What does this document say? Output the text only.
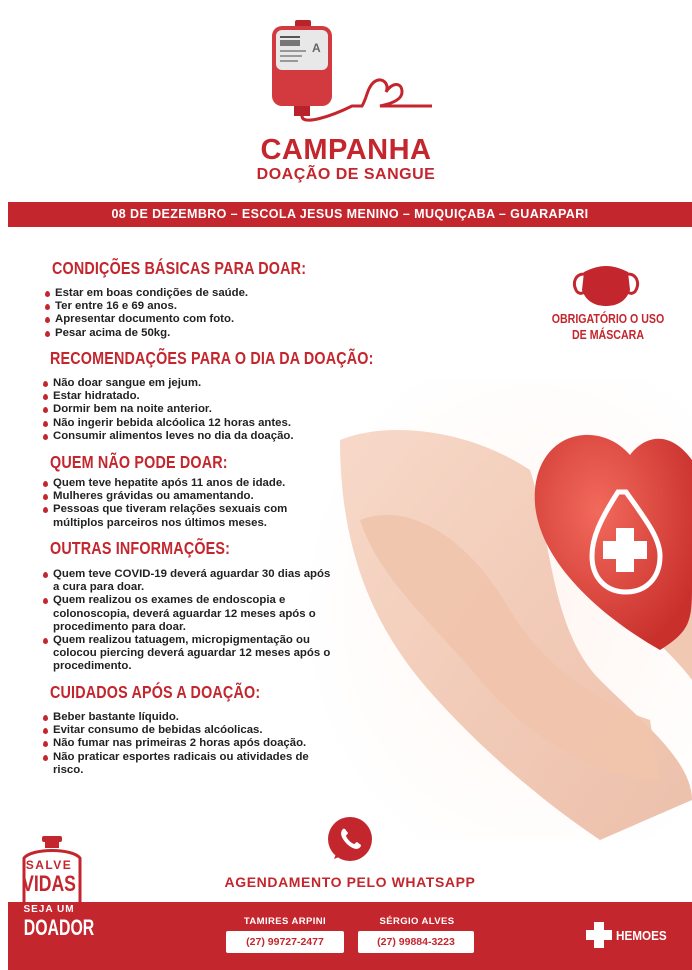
A
CAMPANHA
DOAÇÃO DE SANGUE
08 DE DEZEMBRO – ESCOLA JESUS MENINO – MUQUIÇABA – GUARAPARI
CONDIÇÕES BÁSICAS PARA DOAR:
Estar em boas condições de saúde.
Ter entre 16 e 69 anos.
Apresentar documento com foto.
Pesar acima de 50kg.
RECOMENDAÇÕES PARA O DIA DA DOAÇÃO:
Não doar sangue em jejum.
Estar hidratado.
Dormir bem na noite anterior.
Não ingerir bebida alcóolica 12 horas antes.
Consumir alimentos leves no dia da doação.
QUEM NÃO PODE DOAR:
Quem teve hepatite após 11 anos de idade.
Mulheres grávidas ou amamentando.
Pessoas que tiveram relações sexuais com múltiplos parceiros nos últimos meses.
OUTRAS INFORMAÇÕES:
Quem teve COVID-19 deverá aguardar 30 dias após a cura para doar.
Quem realizou os exames de endoscopia e colonoscopia, deverá aguardar 12 meses após o procedimento para doar.
Quem realizou tatuagem, micropigmentação ou colocou piercing deverá aguardar 12 meses após o procedimento.
CUIDADOS APÓS A DOAÇÃO:
Beber bastante líquido.
Evitar consumo de bebidas alcóolicas.
Não fumar nas primeiras 2 horas após doação.
Não praticar esportes radicais ou atividades de risco.
OBRIGATÓRIO O USO DE MÁSCARA
AGENDAMENTO PELO WHATSAPP
SALVE
VIDAS
SEJA UM
DOADOR	TAMIRES ARPINI
(27) 99727-2477
SÉRGIO ALVES
(27) 99884-3223	HEMOES
